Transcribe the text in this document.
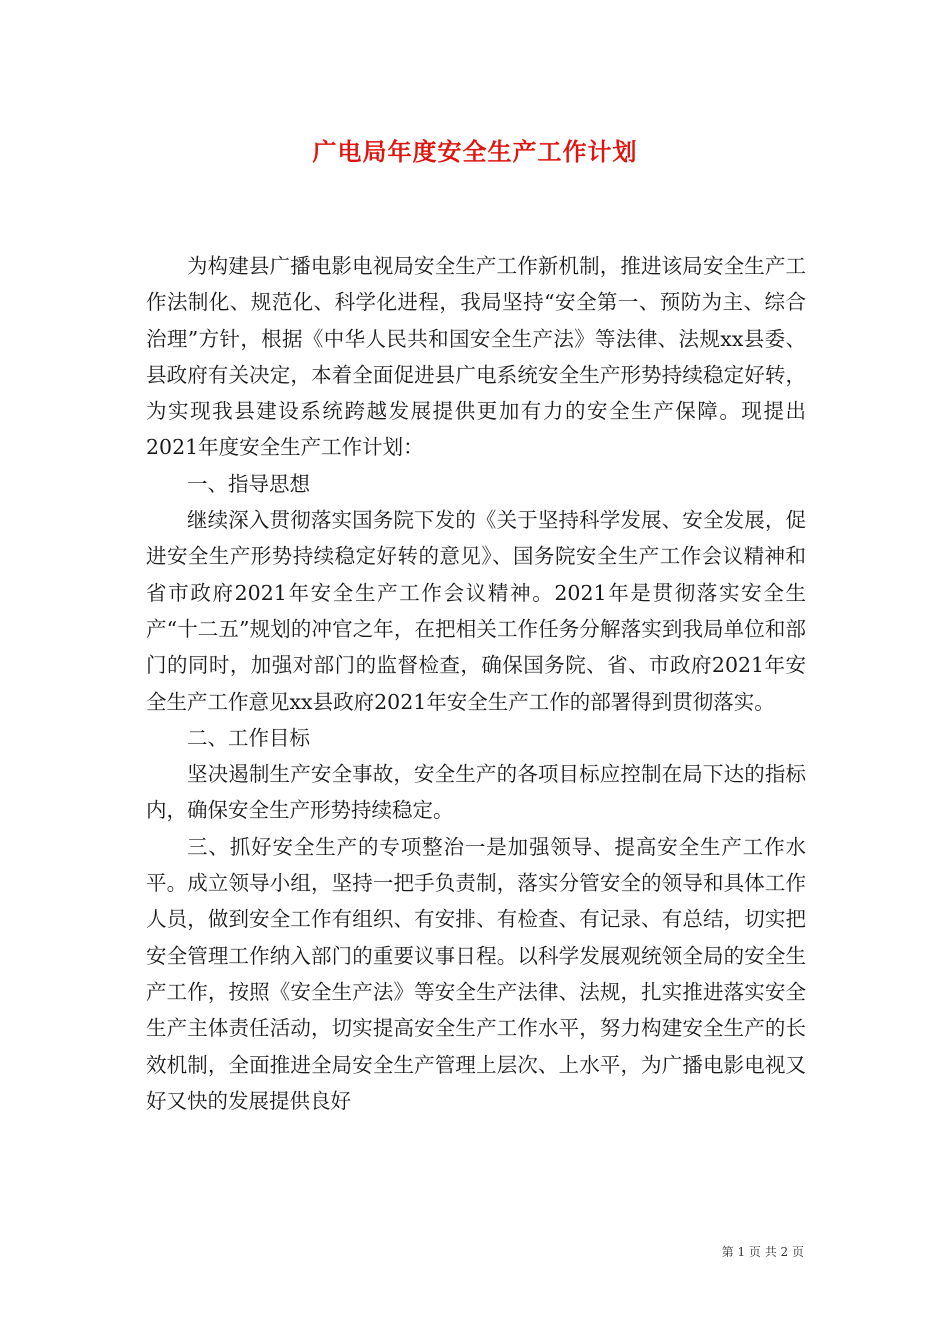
广电局年度安全生产工作计划

为构建县广播电影电视局安全生产工作新机制，推进该局安全生产工作法制化、规范化、科学化进程，我局坚持“安全第一、预防为主、综合治理”方针，根据《中华人民共和国安全生产法》等法律、法规xx县委、县政府有关决定，本着全面促进县广电系统安全生产形势持续稳定好转，为实现我县建设系统跨越发展提供更加有力的安全生产保障。现提出2021年度安全生产工作计划：

一、指导思想

继续深入贯彻落实国务院下发的《关于坚持科学发展、安全发展，促进安全生产形势持续稳定好转的意见》、国务院安全生产工作会议精神和省市政府2021年安全生产工作会议精神。2021年是贯彻落实安全生产“十二五”规划的冲官之年，在把相关工作任务分解落实到我局单位和部门的同时，加强对部门的监督检查，确保国务院、省、市政府2021年安全生产工作意见xx县政府2021年安全生产工作的部署得到贯彻落实。

二、工作目标

坚决遏制生产安全事故，安全生产的各项目标应控制在局下达的指标内，确保安全生产形势持续稳定。

三、抓好安全生产的专项整治一是加强领导、提高安全生产工作水平。成立领导小组，坚持一把手负责制，落实分管安全的领导和具体工作人员，做到安全工作有组织、有安排、有检查、有记录、有总结，切实把安全管理工作纳入部门的重要议事日程。以科学发展观统领全局的安全生产工作，按照《安全生产法》等安全生产法律、法规，扎实推进落实安全生产主体责任活动，切实提高安全生产工作水平，努力构建安全生产的长效机制，全面推进全局安全生产管理上层次、上水平，为广播电影电视又好又快的发展提供良好

第 1 页 共 2 页
